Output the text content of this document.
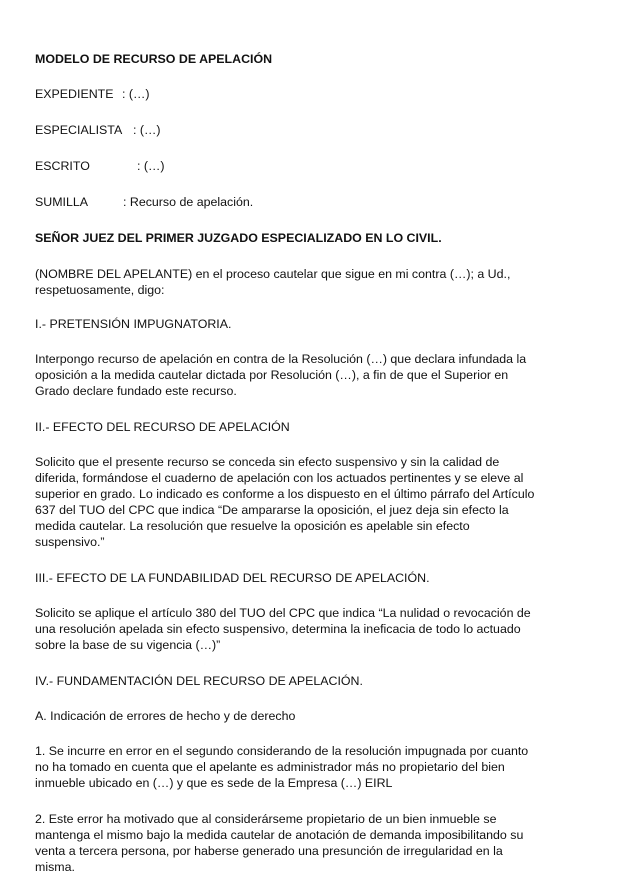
MODELO DE RECURSO DE APELACIÓN

EXPEDIENTE : (…)
ESPECIALISTA : (…)
ESCRITO	: (…)
SUMILLA	: Recurso de apelación.

SEÑOR JUEZ DEL PRIMER JUZGADO ESPECIALIZADO EN LO CIVIL.

(NOMBRE DEL APELANTE) en el proceso cautelar que sigue en mi contra (…); a Ud.,
respetuosamente, digo:

I.- PRETENSIÓN IMPUGNATORIA.

Interpongo recurso de apelación en contra de la Resolución (…) que declara infundada la
oposición a la medida cautelar dictada por Resolución (…), a fin de que el Superior en
Grado declare fundado este recurso.

II.- EFECTO DEL RECURSO DE APELACIÓN

Solicito que el presente recurso se conceda sin efecto suspensivo y sin la calidad de
diferida, formándose el cuaderno de apelación con los actuados pertinentes y se eleve al
superior en grado. Lo indicado es conforme a los dispuesto en el último párrafo del Artículo
637 del TUO del CPC que indica “De ampararse la oposición, el juez deja sin efecto la
medida cautelar. La resolución que resuelve la oposición es apelable sin efecto
suspensivo.”

III.- EFECTO DE LA FUNDABILIDAD DEL RECURSO DE APELACIÓN.

Solicito se aplique el artículo 380 del TUO del CPC que indica “La nulidad o revocación de
una resolución apelada sin efecto suspensivo, determina la ineficacia de todo lo actuado
sobre la base de su vigencia (…)”

IV.- FUNDAMENTACIÓN DEL RECURSO DE APELACIÓN.

A. Indicación de errores de hecho y de derecho

1. Se incurre en error en el segundo considerando de la resolución impugnada por cuanto
no ha tomado en cuenta que el apelante es administrador más no propietario del bien
inmueble ubicado en (…) y que es sede de la Empresa (…) EIRL
2. Este error ha motivado que al considerárseme propietario de un bien inmueble se
mantenga el mismo bajo la medida cautelar de anotación de demanda imposibilitando su
venta a tercera persona, por haberse generado una presunción de irregularidad en la
misma.
